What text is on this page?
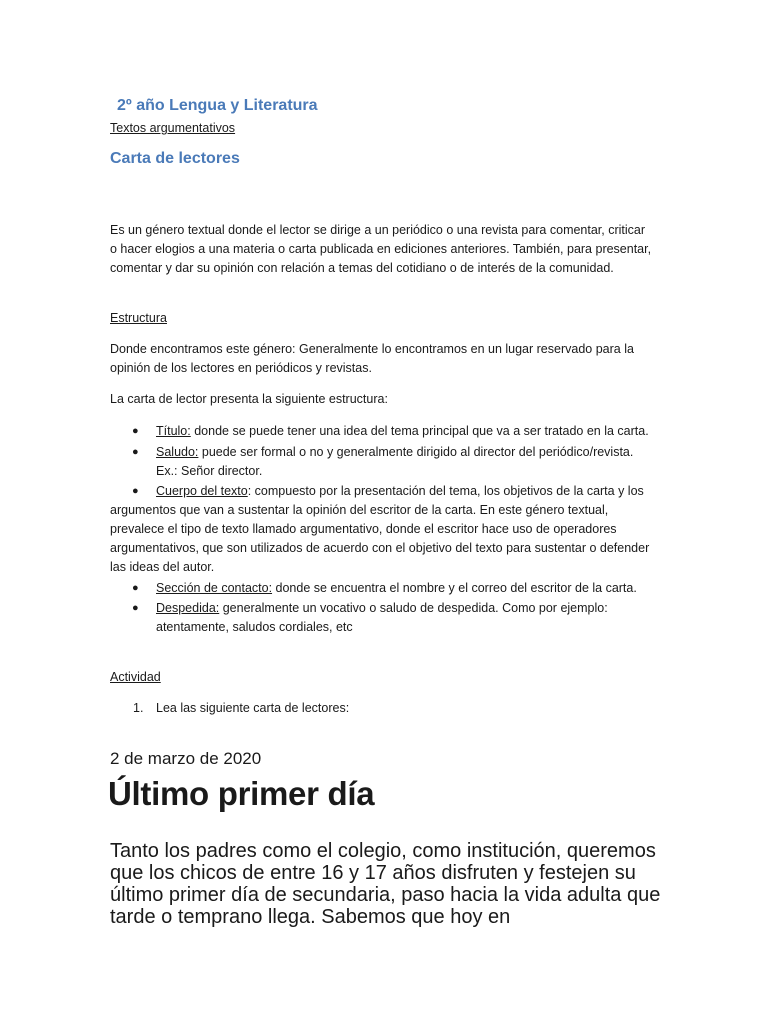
2º año Lengua y Literatura
Textos argumentativos
Carta de lectores

Es un género textual donde el lector se dirige a un periódico o una revista para comentar, criticar o hacer elogios a una materia o carta publicada en ediciones anteriores. También, para presentar, comentar y dar su opinión con relación a temas del cotidiano o de interés de la comunidad.

Estructura

Donde encontramos este género: Generalmente lo encontramos en un lugar reservado para la opinión de los lectores en periódicos y revistas.

La carta de lector presenta la siguiente estructura:

● Título: donde se puede tener una idea del tema principal que va a ser tratado en la carta.
● Saludo: puede ser formal o no y generalmente dirigido al director del periódico/revista. Ex.: Señor director.
● Cuerpo del texto: compuesto por la presentación del tema, los objetivos de la carta y los argumentos que van a sustentar la opinión del escritor de la carta. En este género textual, prevalece el tipo de texto llamado argumentativo, donde el escritor hace uso de operadores argumentativos, que son utilizados de acuerdo con el objetivo del texto para sustentar o defender las ideas del autor.
● Sección de contacto: donde se encuentra el nombre y el correo del escritor de la carta.
● Despedida: generalmente un vocativo o saludo de despedida. Como por ejemplo: atentamente, saludos cordiales, etc
Actividad
1. Lea las siguiente carta de lectores:
2 de marzo de 2020
Último primer día

Tanto los padres como el colegio, como institución, queremos que los chicos de entre 16 y 17 años disfruten y festejen su último primer día de secundaria, paso hacia la vida adulta que tarde o temprano llega. Sabemos que hoy en
